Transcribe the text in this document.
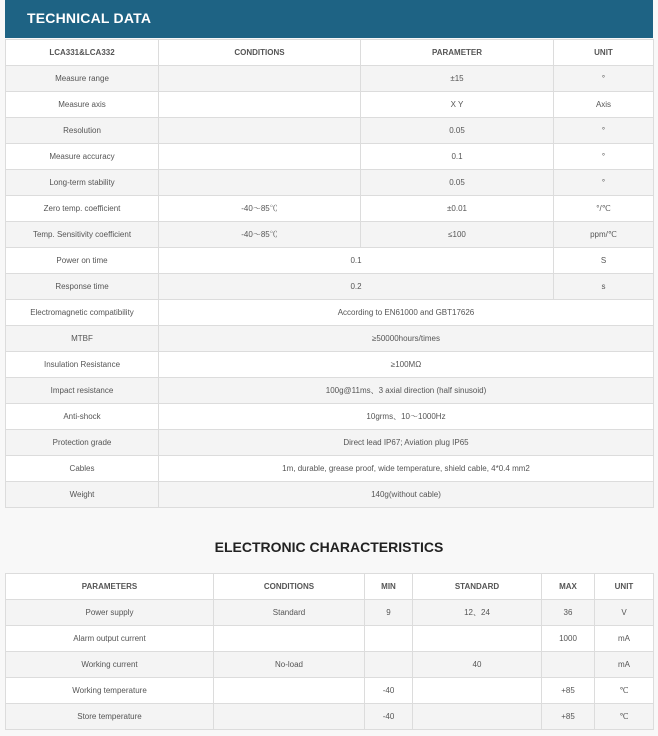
TECHNICAL DATA
LCA331&LCA332	CONDITIONS	PARAMETER	UNIT
Measure range		±15	°
Measure axis		X Y	Axis
Resolution		0.05	°
Measure accuracy		0.1	°
Long-term stability		0.05	°
Zero temp. coefficient	-40～85℃	±0.01	°/℃
Temp. Sensitivity coefficient	-40～85℃	≤100	ppm/℃
Power on time	0.1		S
Response time	0.2		s
Electromagnetic compatibility	According to EN61000 and GBT17626		
MTBF	≥50000hours/times		
Insulation Resistance	≥100MΩ		
Impact resistance	100g@11ms、3 axial direction (half sinusoid)		
Anti-shock	10grms、10～1000Hz		
Protection grade	Direct lead IP67; Aviation plug IP65		
Cables	1m, durable, grease proof, wide temperature, shield cable, 4*0.4 mm2		
Weight	140g(without cable)		
ELECTRONIC CHARACTERISTICS
PARAMETERS	CONDITIONS	MIN	STANDARD	MAX	UNIT
Power supply	Standard	9	12、24	36	V
Alarm output current				1000	mA
Working current	No-load		40		mA
Working temperature		-40		+85	℃
Store temperature		-40		+85	℃
